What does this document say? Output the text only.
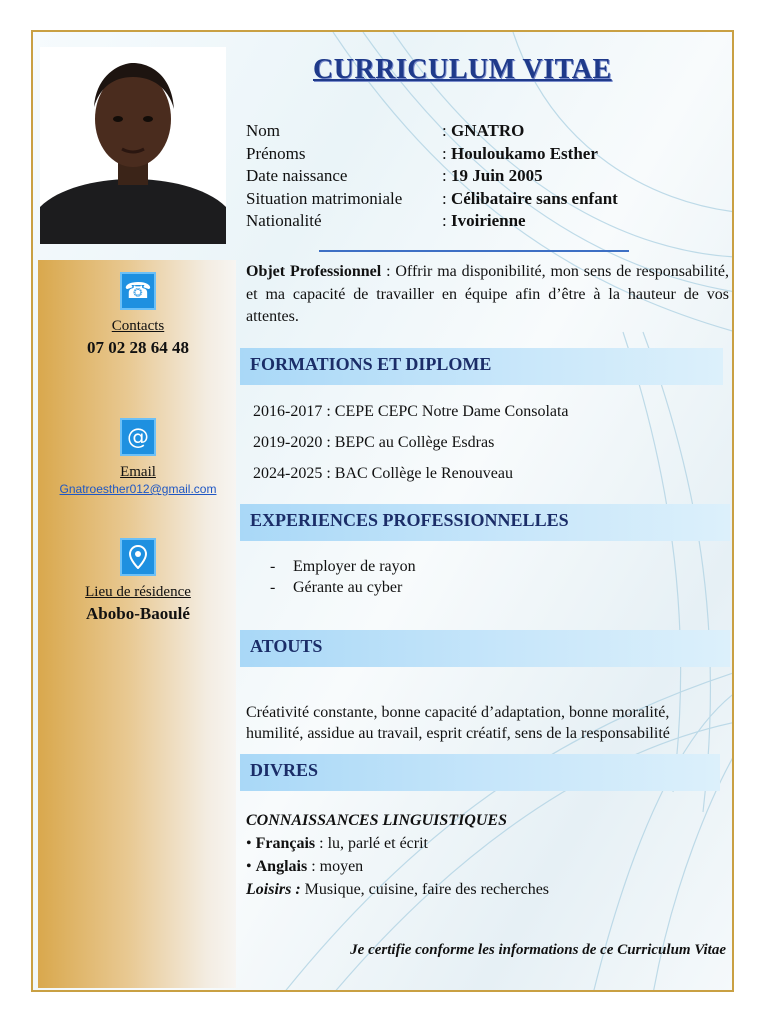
☎
Contacts
07 02 28 64 48
@
Email
Gnatroesther012@gmail.com
Lieu de résidence
Abobo-Baoulé
CURRICULUM VITAE
Nom	: GNATRO
Prénoms	: Houloukamo Esther
Date naissance	: 19 Juin 2005
Situation matrimoniale : Célibataire sans enfant
Nationalité	: Ivoirienne
Objet Professionnel : Offrir ma disponibilité, mon sens de responsabilité, et ma capacité de travailler en équipe afin d’être à la hauteur de vos attentes.
FORMATIONS ET DIPLOME
2016-2017 : CEPE CEPC Notre Dame Consolata
2019-2020 : BEPC au Collège Esdras
2024-2025 : BAC Collège le Renouveau
EXPERIENCES PROFESSIONNELLES
- Employer de rayon
- Gérante au cyber
ATOUTS
Créativité constante, bonne capacité d’adaptation, bonne moralité, humilité, assidue au travail, esprit créatif, sens de la responsabilité
DIVRES
CONNAISSANCES LINGUISTIQUES
• Français : lu, parlé et écrit
• Anglais : moyen
Loisirs : Musique, cuisine, faire des recherches
Je certifie conforme les informations de ce Curriculum Vitae
